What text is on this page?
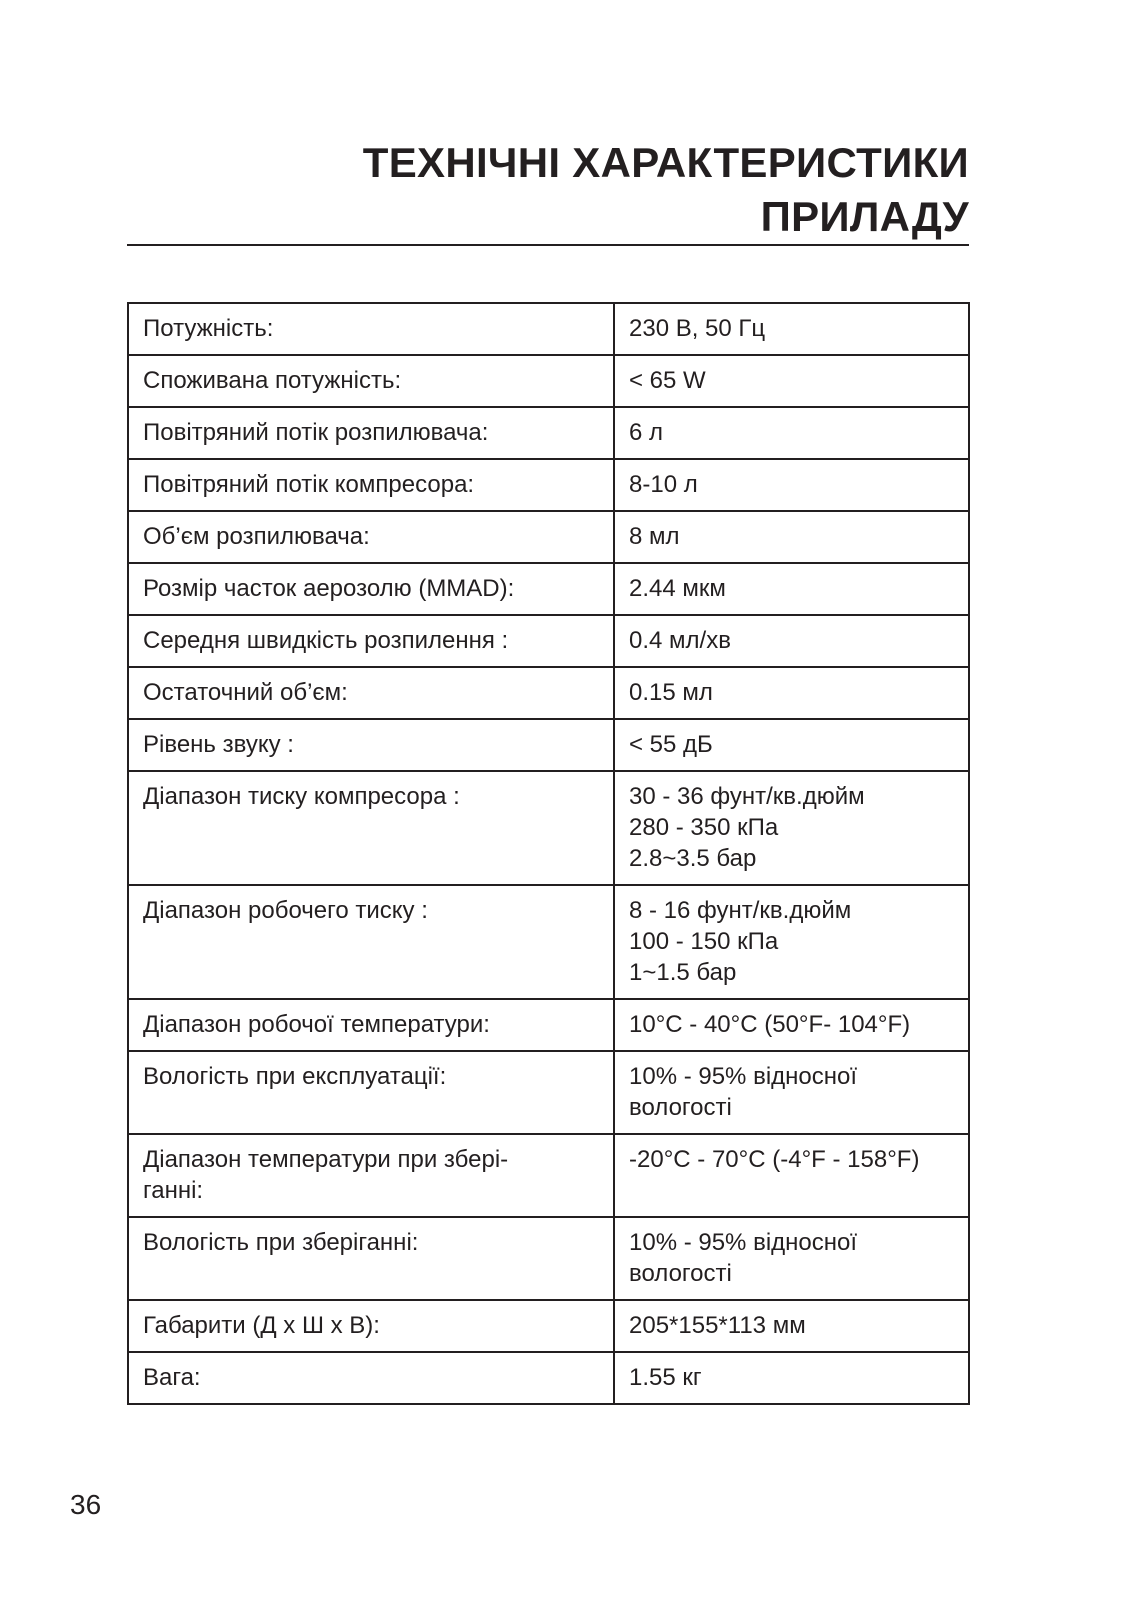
ТЕХНІЧНІ ХАРАКТЕРИСТИКИ
ПРИЛАДУ
Потужність:	230 В, 50 Гц
Споживана потужність:	< 65 W
Повітряний потік розпилювача:	6 л
Повітряний потік компресора:	8-10 л
Об’єм розпилювача:	8 мл
Розмір часток аерозолю (MMAD):	2.44 мкм
Середня швидкість розпилення :	0.4 мл/хв
Остаточний об’єм:	0.15 мл
Рівень звуку :	< 55 дБ
Діапазон тиску компресора :	30 - 36 фунт/кв.дюйм
280 - 350 кПа
2.8~3.5 бар
Діапазон робочего тиску :	8 - 16 фунт/кв.дюйм
100 - 150 кПа
1~1.5 бар
Діапазон робочої температури:	10°C - 40°C (50°F- 104°F)
Вологість при експлуатації:	10% - 95% відносної
вологості
Діапазон температури при збері-
ганні:	-20°C - 70°C (-4°F - 158°F)
Вологість при зберіганні:	10% - 95% відносної
вологості
Габарити (Д х Ш х В):	205*155*113 мм
Вага:	1.55 кг
36
